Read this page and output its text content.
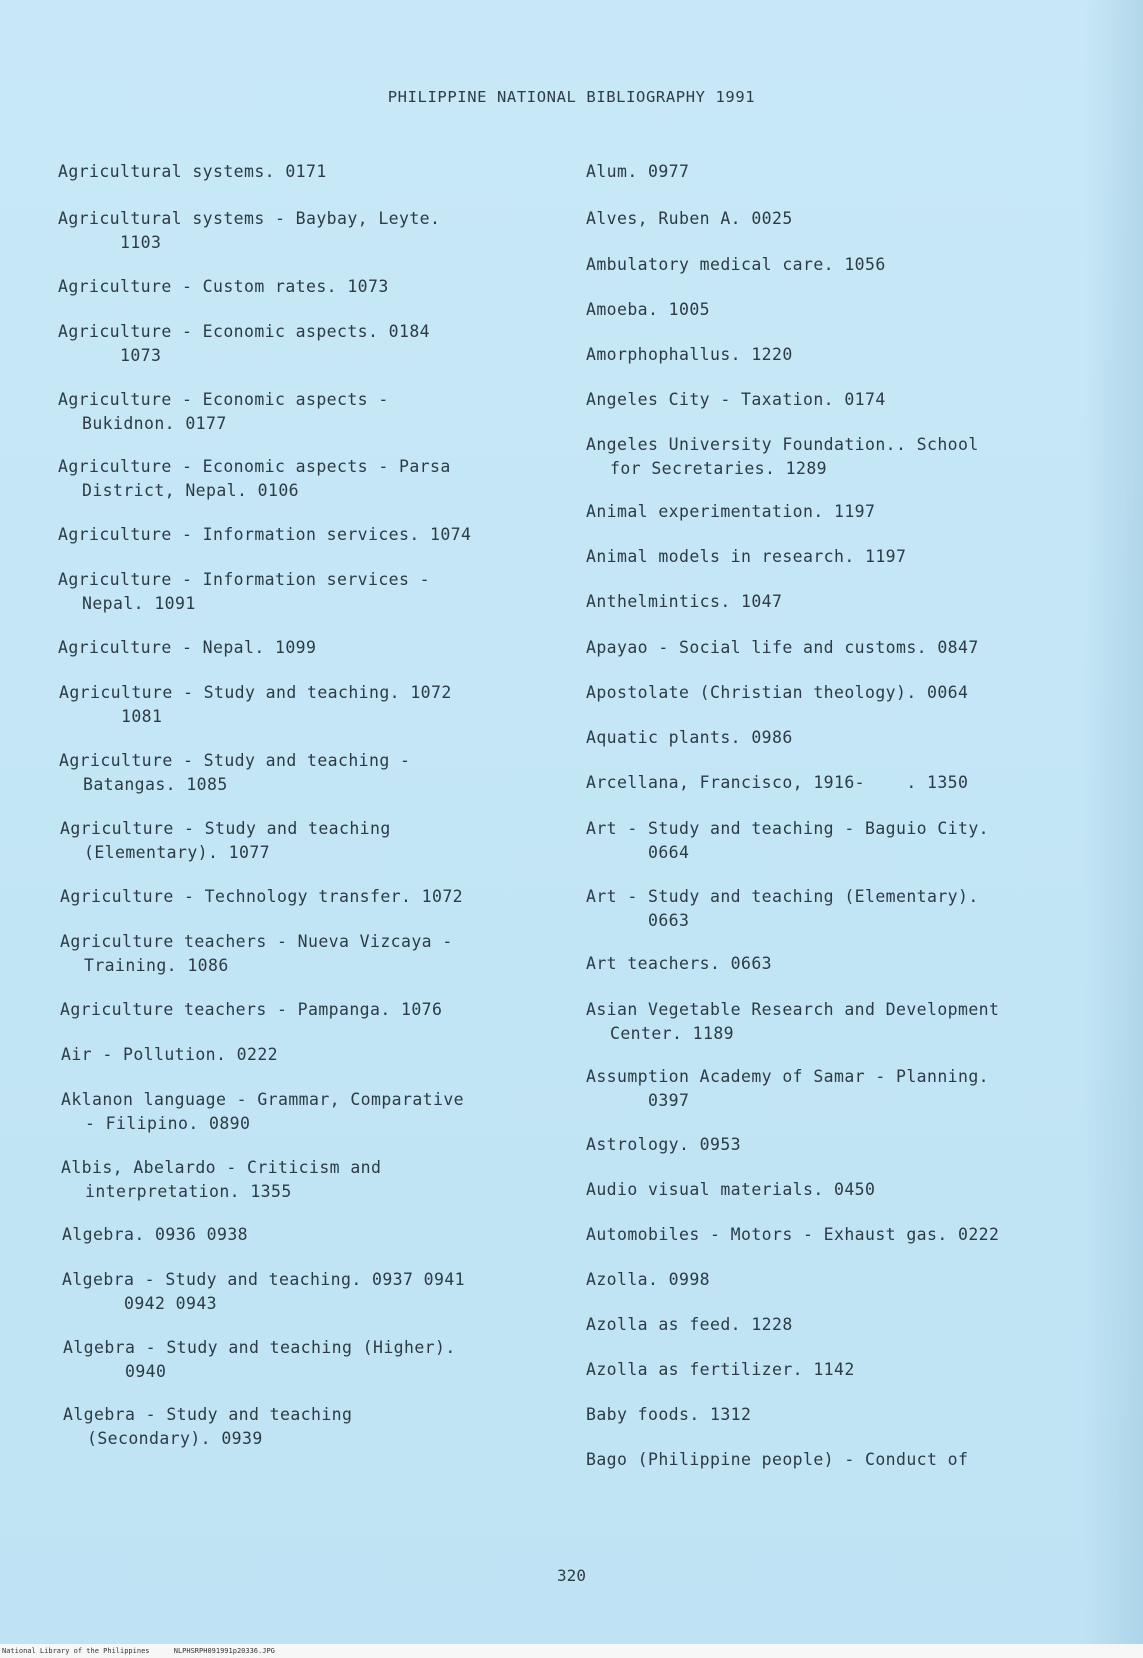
PHILIPPINE NATIONAL BIBLIOGRAPHY 1991
Agricultural systems. 0171
Agricultural systems - Baybay, Leyte.
1103
Agriculture - Custom rates. 1073
Agriculture - Economic aspects. 0184
1073
Agriculture - Economic aspects -
Bukidnon. 0177
Agriculture - Economic aspects - Parsa
District, Nepal. 0106
Agriculture - Information services. 1074
Agriculture - Information services -
Nepal. 1091
Agriculture - Nepal. 1099
Agriculture - Study and teaching. 1072
1081
Agriculture - Study and teaching -
Batangas. 1085
Agriculture - Study and teaching
(Elementary). 1077
Agriculture - Technology transfer. 1072
Agriculture teachers - Nueva Vizcaya -
Training. 1086
Agriculture teachers - Pampanga. 1076
Air - Pollution. 0222
Aklanon language - Grammar, Comparative
- Filipino. 0890
Albis, Abelardo - Criticism and
interpretation. 1355
Algebra. 0936 0938
Algebra - Study and teaching. 0937 0941
0942 0943
Algebra - Study and teaching (Higher).
0940
Algebra - Study and teaching
(Secondary). 0939
Alum. 0977
Alves, Ruben A. 0025
Ambulatory medical care. 1056
Amoeba. 1005
Amorphophallus. 1220
Angeles City - Taxation. 0174
Angeles University Foundation.. School
for Secretaries. 1289
Animal experimentation. 1197
Animal models in research. 1197
Anthelmintics. 1047
Apayao - Social life and customs. 0847
Apostolate (Christian theology). 0064
Aquatic plants. 0986
Arcellana, Francisco, 1916-    . 1350
Art - Study and teaching - Baguio City.
0664
Art - Study and teaching (Elementary).
0663
Art teachers. 0663
Asian Vegetable Research and Development
Center. 1189
Assumption Academy of Samar - Planning.
0397
Astrology. 0953
Audio visual materials. 0450
Automobiles - Motors - Exhaust gas. 0222
Azolla. 0998
Azolla as feed. 1228
Azolla as fertilizer. 1142
Baby foods. 1312
Bago (Philippine people) - Conduct of
320
National Library of the Philippines	NLPHSRPH091991p20336.JPG
